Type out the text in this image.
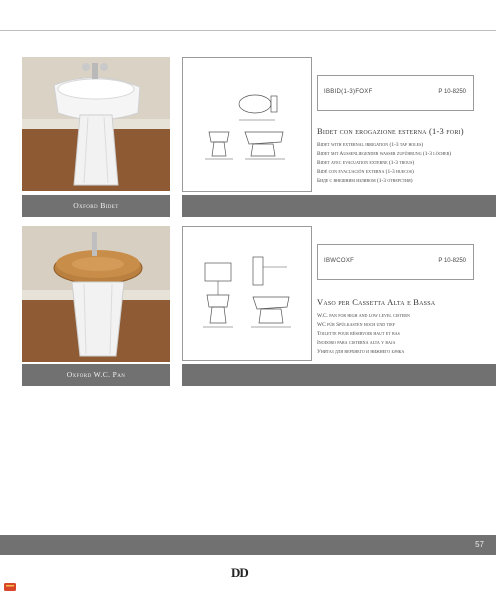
Oxford Bidet
IBBID(1-3)FOXF	P 10-8250
Bidet con erogazione esterna (1-3 fori)
Bidet with external irrigation (1-3 tap holes)
Bidet mit Außenliegender wasser zuführung (1-3 löcher)
Bidet avec evacuation externe (1-3 trous)
Bidé con evacuación externa (1-3 huecos)
Биде с внешним изливом (1-3 отверстия)
Oxford W.C. Pan
IBWCOXF	P 10-8250
Vaso per Cassetta Alta e Bassa
W.C. pan for high and low level cistern
WC für Spülkasten hoch und tief
Toilette pour réservoir haut et bas
Inodoro para cisterna alta y baja
Унитаз для верхнего и нижнего бачка
57
DD
